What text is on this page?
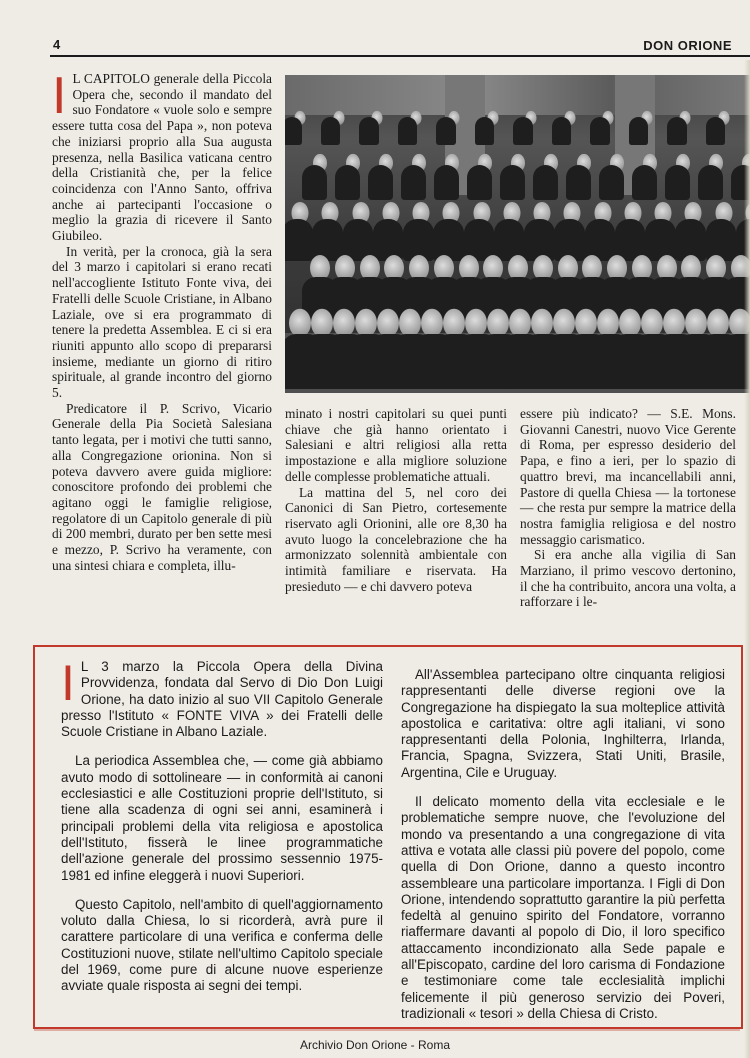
4	DON ORIONE

I L CAPITOLO generale della Piccola Opera che, secondo il mandato del suo Fondatore « vuole solo e sempre essere tutta cosa del Papa », non poteva che iniziarsi proprio alla Sua augusta presenza, nella Basilica vaticana centro della Cristianità che, per la felice coincidenza con l'Anno Santo, offriva anche ai partecipanti l'occasione o meglio la grazia di ricevere il Santo Giubileo.

In verità, per la cronoca, già la sera del 3 marzo i capitolari si erano recati nell'accogliente Istituto Fonte viva, dei Fratelli delle Scuole Cristiane, in Albano Laziale, ove si era programmato di tenere la predetta Assemblea. E ci si era riuniti appunto allo scopo di prepararsi insieme, mediante un giorno di ritiro spirituale, al grande incontro del giorno 5.

Predicatore il P. Scrivo, Vicario Generale della Pia Società Salesiana tanto legata, per i motivi che tutti sanno, alla Congregazione orionina. Non si poteva davvero avere guida migliore: conoscitore profondo dei problemi che agitano oggi le famiglie religiose, regolatore di un Capitolo generale di più di 200 membri, durato per ben sette mesi e mezzo, P. Scrivo ha veramente, con una sintesi chiara e completa, illu-

minato i nostri capitolari su quei punti chiave che già hanno orientato i Salesiani e altri religiosi alla retta impostazione e alla migliore soluzione delle complesse problematiche attuali.

La mattina del 5, nel coro dei Canonici di San Pietro, cortesemente riservato agli Orionini, alle ore 8,30 ha avuto luogo la concelebrazione che ha armonizzato solennità ambientale con intimità familiare e riservata. Ha presieduto — e chi davvero poteva

essere più indicato? — S.E. Mons. Giovanni Canestri, nuovo Vice Gerente di Roma, per espresso desiderio del Papa, e fino a ieri, per lo spazio di quattro brevi, ma incancellabili anni, Pastore di quella Chiesa — la tortonese — che resta pur sempre la matrice della nostra famiglia religiosa e del nostro messaggio carismatico.

Si era anche alla vigilia di San Marziano, il primo vescovo dertonino, il che ha contribuito, ancora una volta, a rafforzare i le-

I L 3 marzo la Piccola Opera della Divina Provvidenza, fondata dal Servo di Dio Don Luigi Orione, ha dato inizio al suo VII Capitolo Generale presso l'Istituto « FONTE VIVA » dei Fratelli delle Scuole Cristiane in Albano Laziale.

La periodica Assemblea che, — come già abbiamo avuto modo di sottolineare — in conformità ai canoni ecclesiastici e alle Costituzioni proprie dell'Istituto, si tiene alla scadenza di ogni sei anni, esaminerà i principali problemi della vita religiosa e apostolica dell'Istituto, fisserà le linee programmatiche dell'azione generale del prossimo sessennio 1975-1981 ed infine eleggerà i nuovi Superiori.

Questo Capitolo, nell'ambito di quell'aggiornamento voluto dalla Chiesa, lo si ricorderà, avrà pure il carattere particolare di una verifica e conferma delle Costituzioni nuove, stilate nell'ultimo Capitolo speciale del 1969, come pure di alcune nuove esperienze avviate quale risposta ai segni dei tempi.

All'Assemblea partecipano oltre cinquanta religiosi rappresentanti delle diverse regioni ove la Congregazione ha dispiegato la sua molteplice attività apostolica e caritativa: oltre agli italiani, vi sono rappresentanti della Polonia, Inghilterra, Irlanda, Francia, Spagna, Svizzera, Stati Uniti, Brasile, Argentina, Cile e Uruguay.

Il delicato momento della vita ecclesiale e le problematiche sempre nuove, che l'evoluzione del mondo va presentando a una congregazione di vita attiva e votata alle classi più povere del popolo, come quella di Don Orione, danno a questo incontro assembleare una particolare importanza. I Figli di Don Orione, intendendo soprattutto garantire la più perfetta fedeltà al genuino spirito del Fondatore, vorranno riaffermare davanti al popolo di Dio, il loro specifico attaccamento incondizionato alla Sede papale e all'Episcopato, cardine del loro carisma di Fondazione e testimoniare come tale ecclesialità implichi felicemente il più generoso servizio dei Poveri, tradizionali « tesori » della Chiesa di Cristo.

Archivio Don Orione - Roma
